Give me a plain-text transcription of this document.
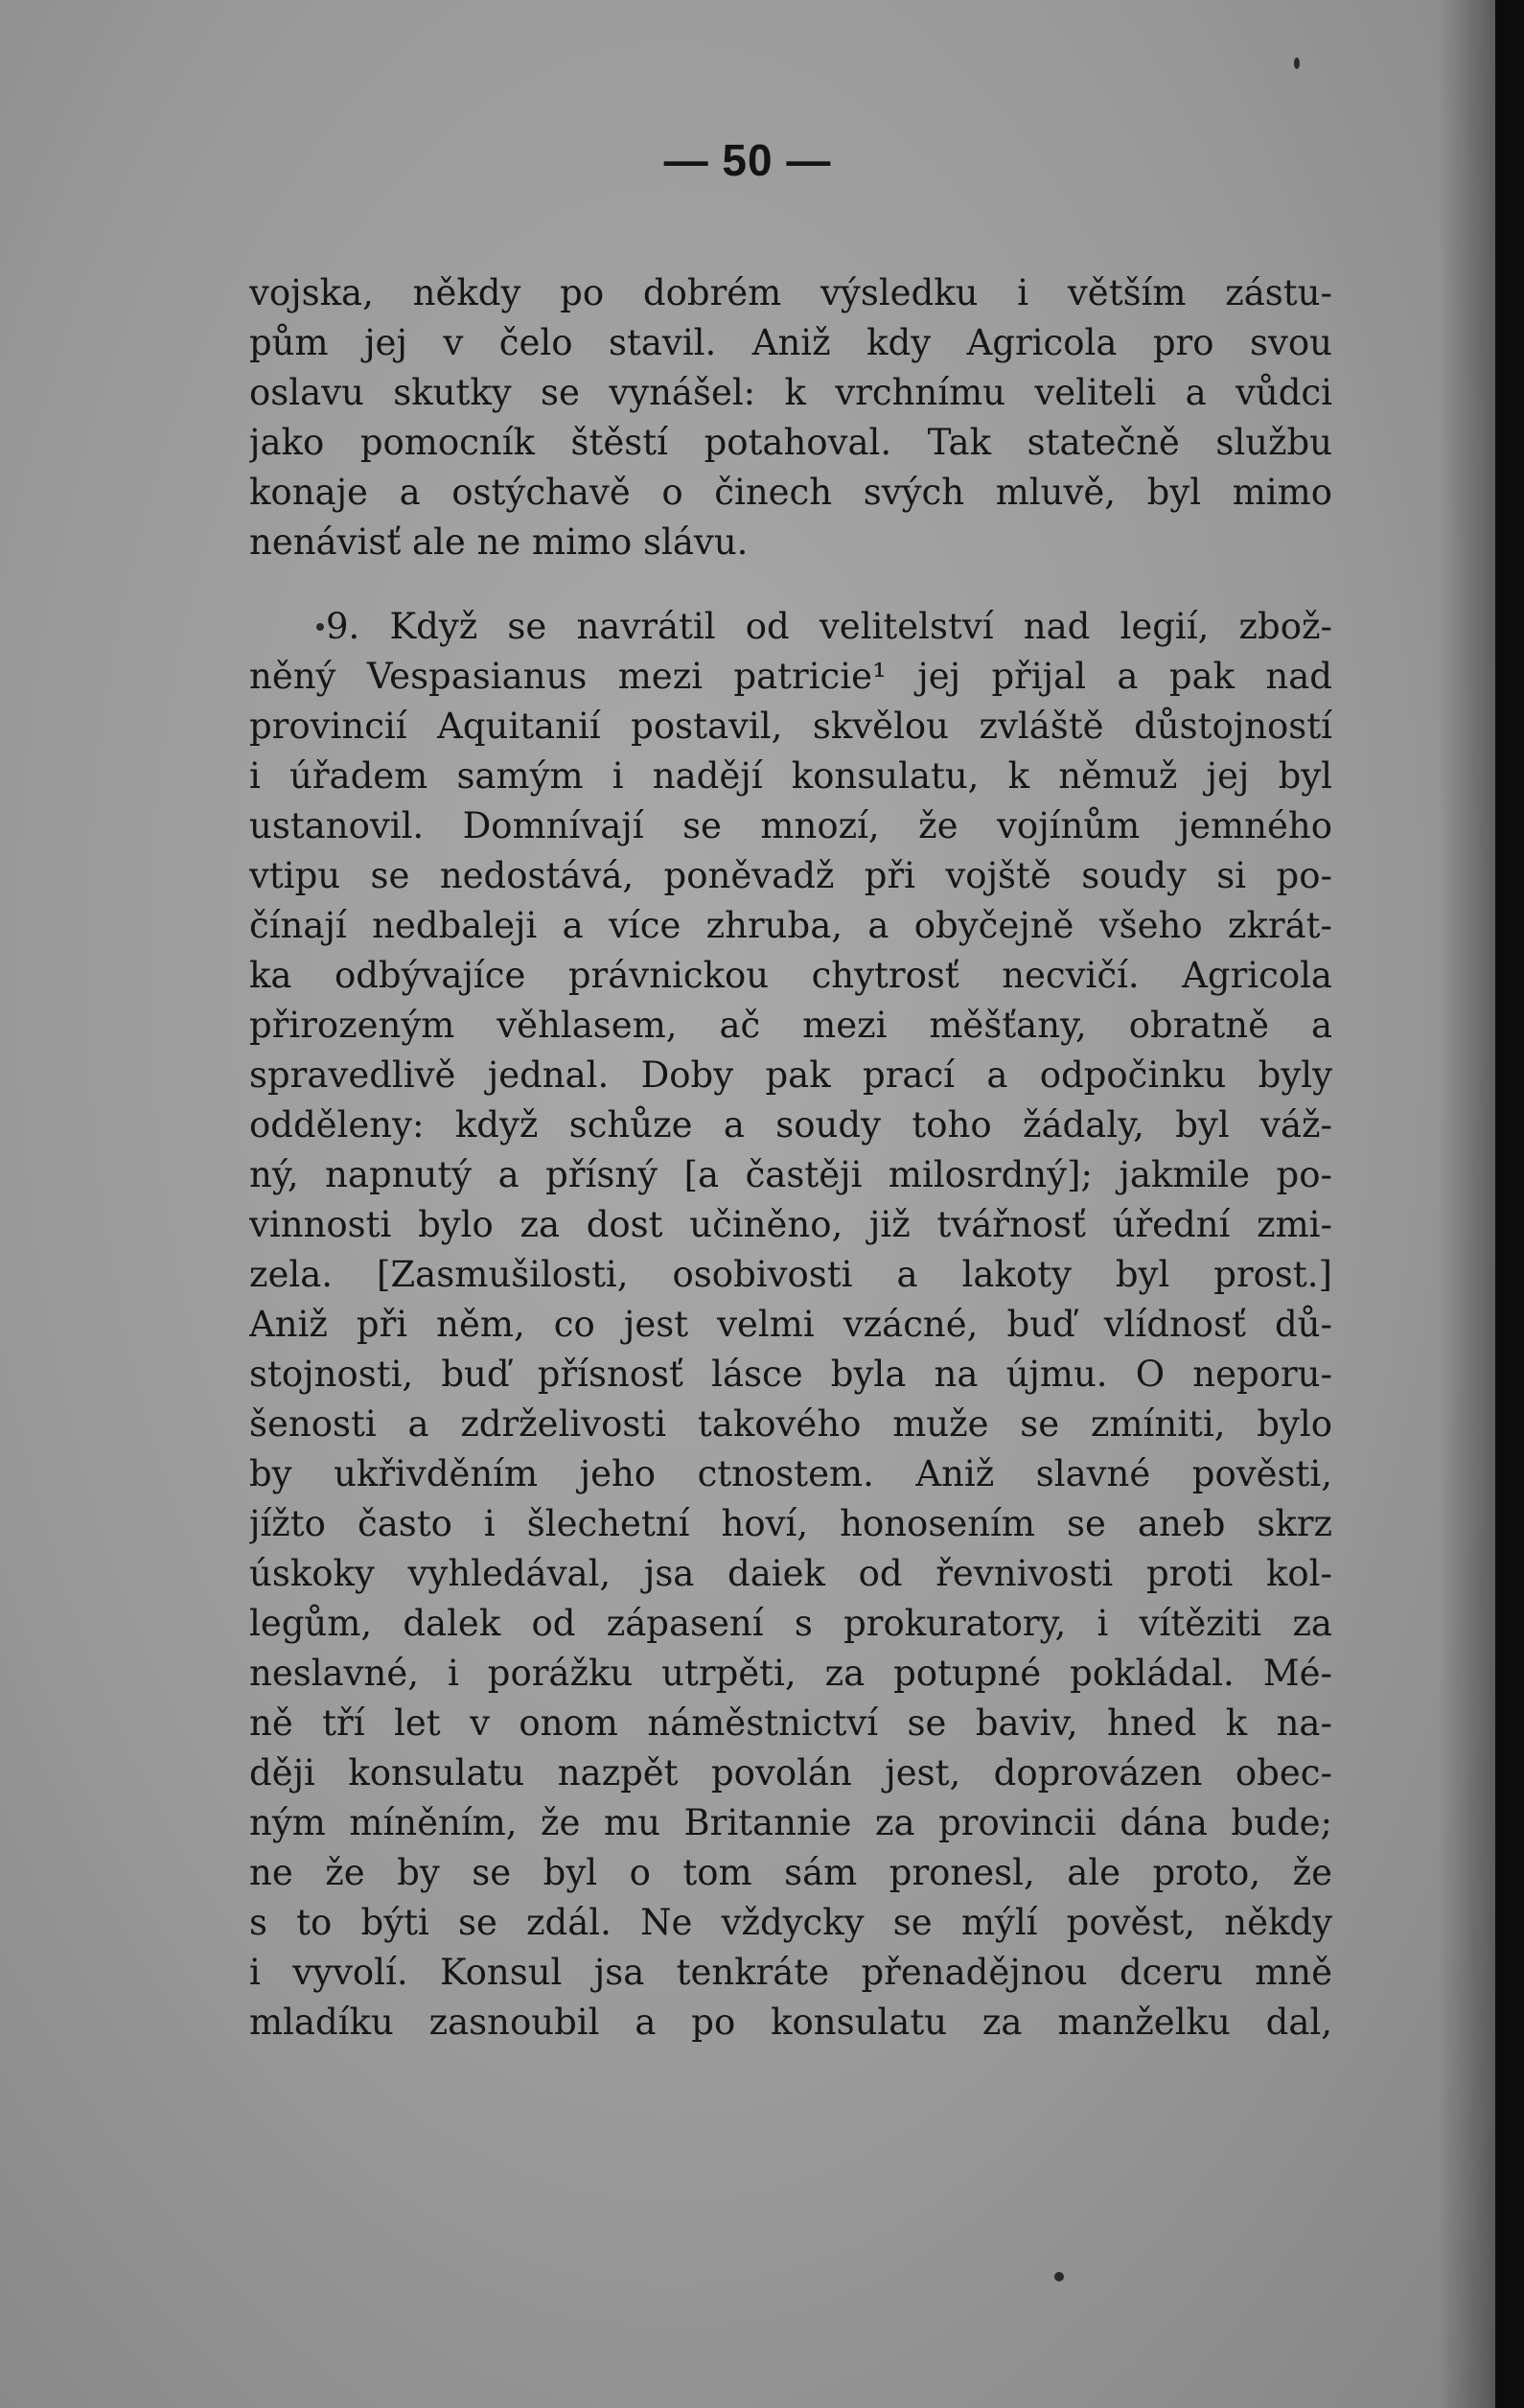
— 50 —
vojska, někdy po dobrém výsledku i větším zástu-
pům jej v čelo stavil. Aniž kdy Agricola pro svou
oslavu skutky se vynášel: k vrchnímu veliteli a vůdci
jako pomocník štěstí potahoval. Tak statečně službu
konaje a ostýchavě o činech svých mluvě, byl mimo
nenávisť ale ne mimo slávu.
9. Když se navrátil od velitelství nad legií, zbož-
něný Vespasianus mezi patricie¹ jej přijal a pak nad
provincií Aquitanií postavil, skvělou zvláště důstojností
i úřadem samým i nadějí konsulatu, k němuž jej byl
ustanovil. Domnívají se mnozí, že vojínům jemného
vtipu se nedostává, poněvadž při vojště soudy si po-
čínají nedbaleji a více zhruba, a obyčejně všeho zkrát-
ka odbývajíce právnickou chytrosť necvičí. Agricola
přirozeným věhlasem, ač mezi měšťany, obratně a
spravedlivě jednal. Doby pak prací a odpočinku byly
odděleny: když schůze a soudy toho žádaly, byl váž-
ný, napnutý a přísný [a častěji milosrdný]; jakmile po-
vinnosti bylo za dost učiněno, již tvářnosť úřední zmi-
zela. [Zasmušilosti, osobivosti a lakoty byl prost.]
Aniž při něm, co jest velmi vzácné, buď vlídnosť dů-
stojnosti, buď přísnosť lásce byla na újmu. O neporu-
šenosti a zdrželivosti takového muže se zmíniti, bylo
by ukřivděním jeho ctnostem. Aniž slavné pověsti,
jížto často i šlechetní hoví, honosením se aneb skrz
úskoky vyhledával, jsa daiek od řevnivosti proti kol-
legům, dalek od zápasení s prokuratory, i vítěziti za
neslavné, i porážku utrpěti, za potupné pokládal. Mé-
ně tří let v onom náměstnictví se baviv, hned k na-
ději konsulatu nazpět povolán jest, doprovázen obec-
ným míněním, že mu Britannie za provincii dána bude;
ne že by se byl o tom sám pronesl, ale proto, že
s to býti se zdál. Ne vždycky se mýlí pověst, někdy
i vyvolí. Konsul jsa tenkráte přenadějnou dceru mně
mladíku zasnoubil a po konsulatu za manželku dal,
